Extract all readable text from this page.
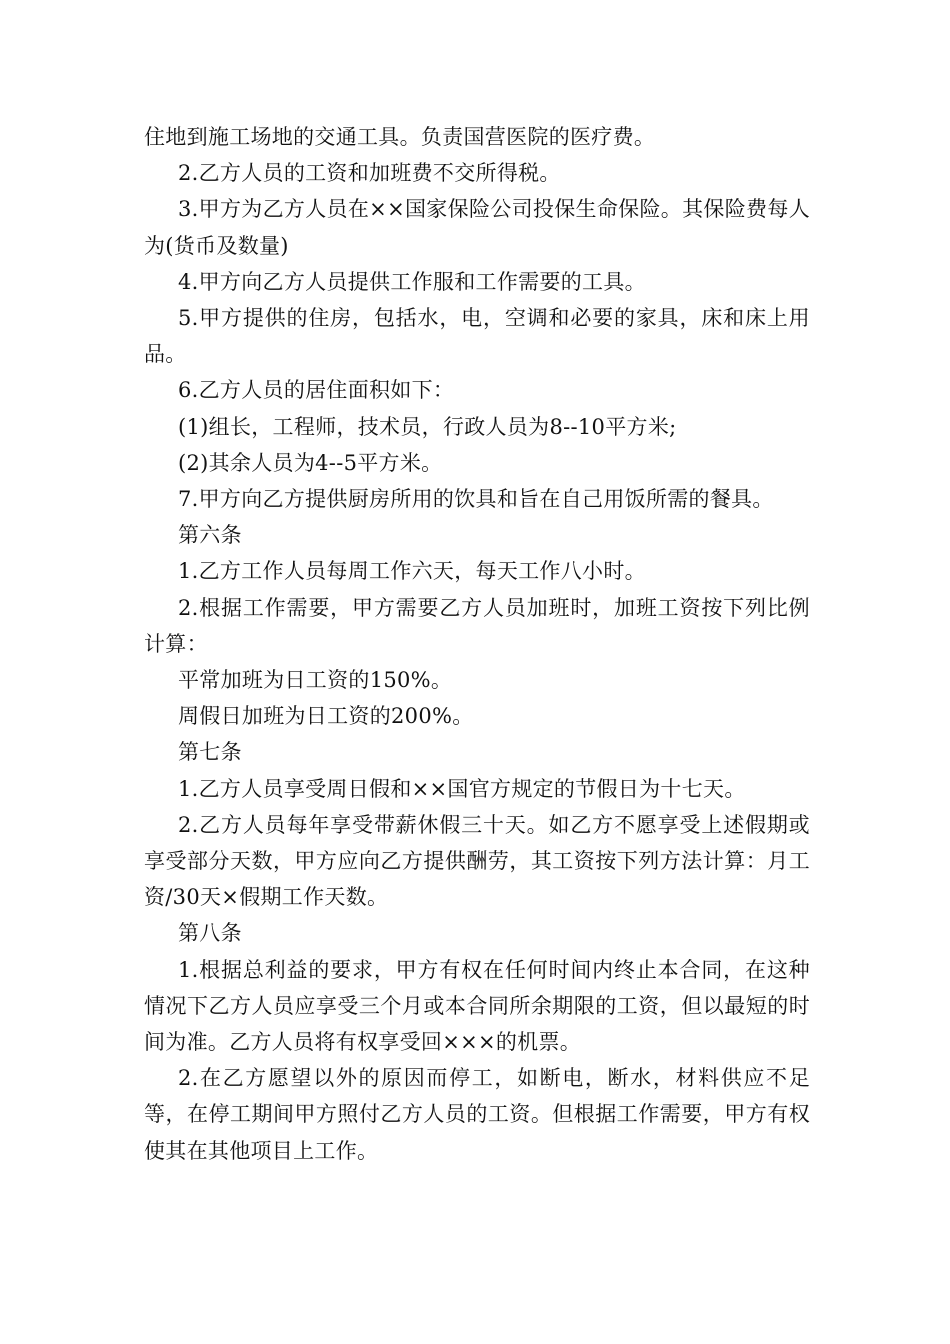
住地到施工场地的交通工具。负责国营医院的医疗费。

2.乙方人员的工资和加班费不交所得税。

3.甲方为乙方人员在××国家保险公司投保生命保险。其保险费每人为(货币及数量)

4.甲方向乙方人员提供工作服和工作需要的工具。

5.甲方提供的住房，包括水，电，空调和必要的家具，床和床上用品。

6.乙方人员的居住面积如下：

(1)组长，工程师，技术员，行政人员为8--10平方米;

(2)其余人员为4--5平方米。

7.甲方向乙方提供厨房所用的饮具和旨在自己用饭所需的餐具。

第六条

1.乙方工作人员每周工作六天，每天工作八小时。

2.根据工作需要，甲方需要乙方人员加班时，加班工资按下列比例计算：

平常加班为日工资的150%。

周假日加班为日工资的200%。

第七条

1.乙方人员享受周日假和××国官方规定的节假日为十七天。

2.乙方人员每年享受带薪休假三十天。如乙方不愿享受上述假期或享受部分天数，甲方应向乙方提供酬劳，其工资按下列方法计算：月工资/30天×假期工作天数。

第八条

1.根据总利益的要求，甲方有权在任何时间内终止本合同，在这种情况下乙方人员应享受三个月或本合同所余期限的工资，但以最短的时间为准。乙方人员将有权享受回×××的机票。

2.在乙方愿望以外的原因而停工，如断电，断水，材料供应不足等，在停工期间甲方照付乙方人员的工资。但根据工作需要，甲方有权使其在其他项目上工作。
